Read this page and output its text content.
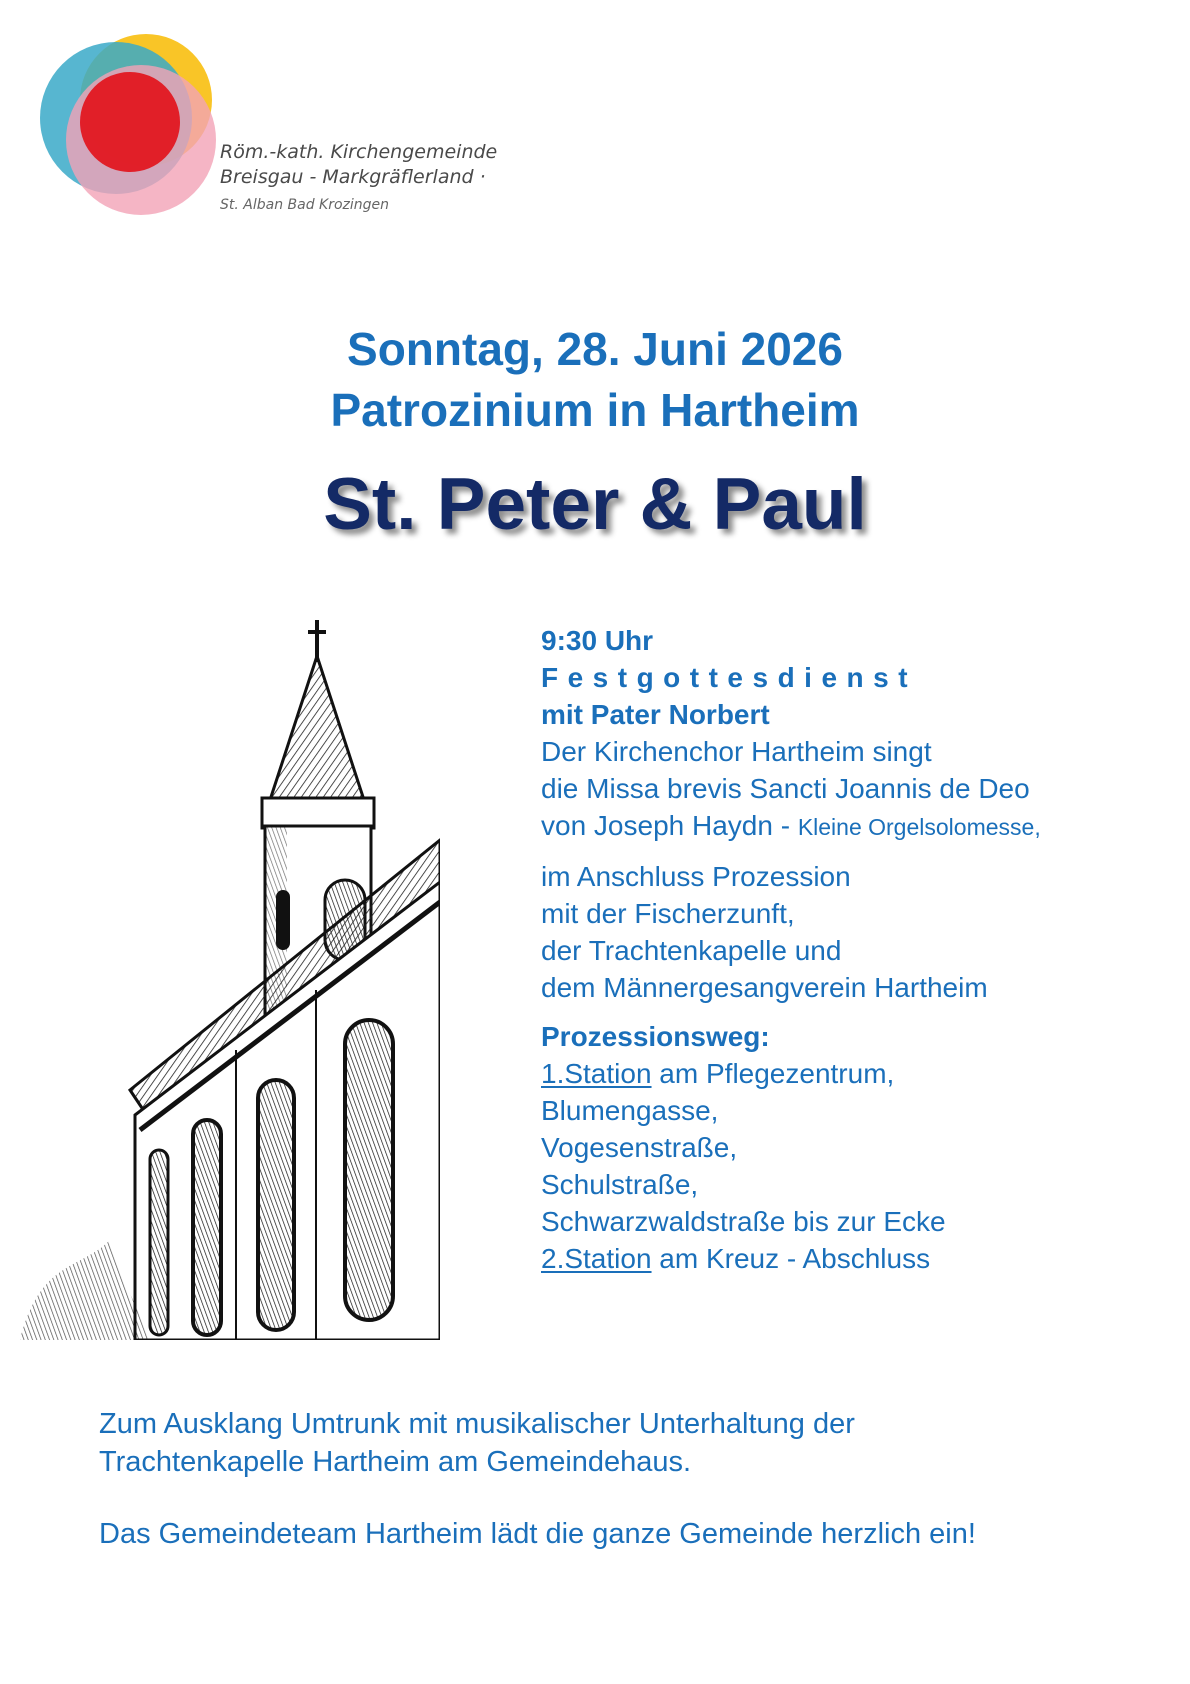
Röm.-kath. Kirchengemeinde
Breisgau - Markgräflerland ·
St. Alban Bad Krozingen
Sonntag, 28. Juni 2026
Patrozinium in Hartheim
St. Peter & Paul
9:30 Uhr
Festgottesdienst
mit Pater Norbert
Der Kirchenchor Hartheim singt
die Missa brevis Sancti Joannis de Deo
von Joseph Haydn - Kleine Orgelsolomesse,
im Anschluss Prozession
mit der Fischerzunft,
der Trachtenkapelle und
dem Männergesangverein Hartheim
Prozessionsweg:
1.Station am Pflegezentrum,
Blumengasse,
Vogesenstraße,
Schulstraße,
Schwarzwaldstraße bis zur Ecke
2.Station am Kreuz - Abschluss
Zum Ausklang Umtrunk mit musikalischer Unterhaltung der
Trachtenkapelle Hartheim am Gemeindehaus.
Das Gemeindeteam Hartheim lädt die ganze Gemeinde herzlich ein!
